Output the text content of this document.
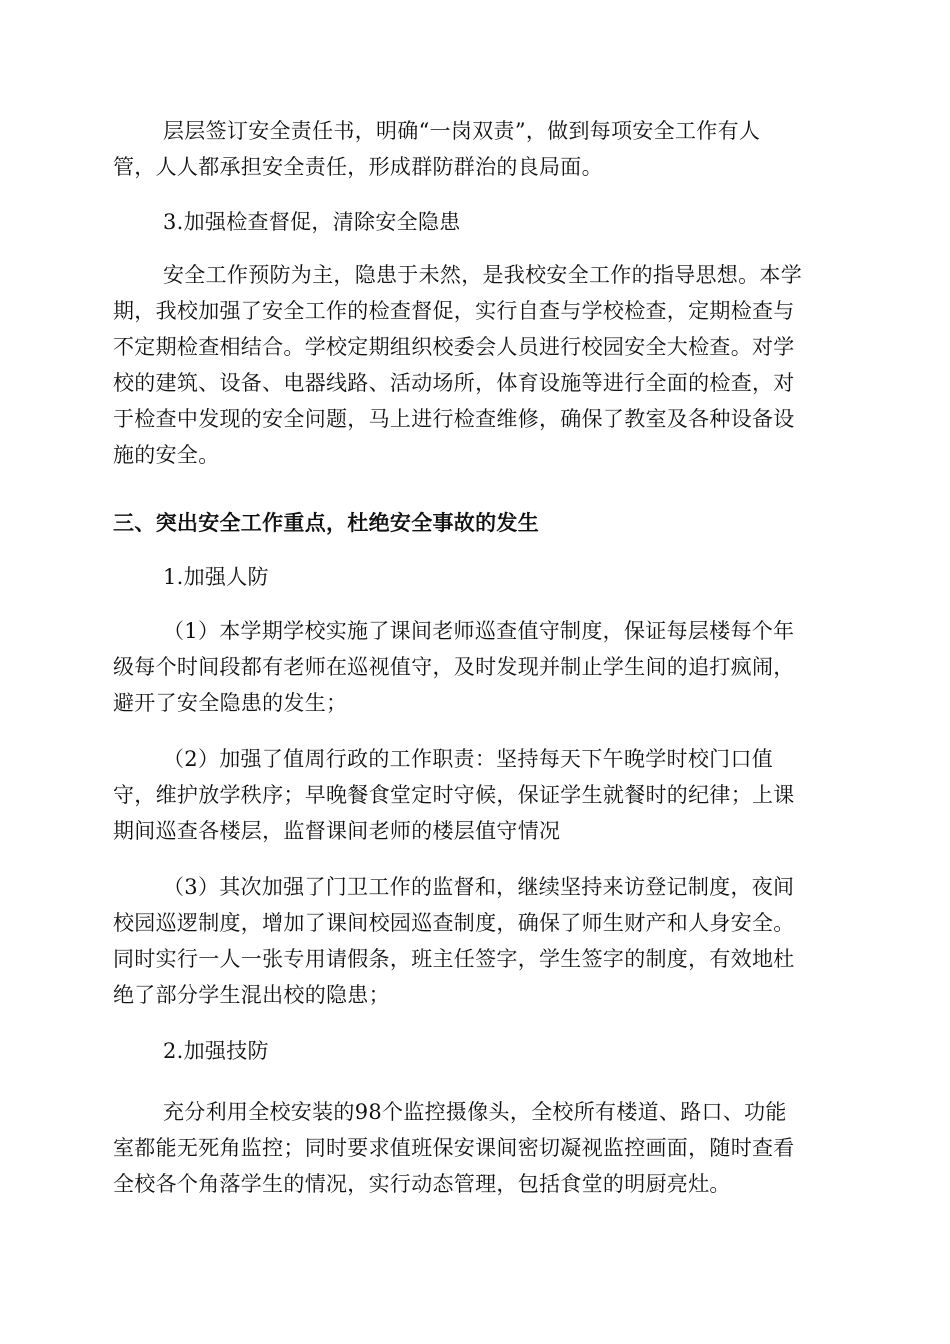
层层签订安全责任书，明确“一岗双责”，做到每项安全工作有人
管，人人都承担安全责任，形成群防群治的良局面。
3.加强检查督促，清除安全隐患
安全工作预防为主，隐患于未然，是我校安全工作的指导思想。本学
期，我校加强了安全工作的检查督促，实行自查与学校检查，定期检查与
不定期检查相结合。学校定期组织校委会人员进行校园安全大检查。对学
校的建筑、设备、电器线路、活动场所，体育设施等进行全面的检查，对
于检查中发现的安全问题，马上进行检查维修，确保了教室及各种设备设
施的安全。
三、突出安全工作重点，杜绝安全事故的发生
1.加强人防
（1）本学期学校实施了课间老师巡查值守制度，保证每层楼每个年
级每个时间段都有老师在巡视值守，及时发现并制止学生间的追打疯闹，
避开了安全隐患的发生；
（2）加强了值周行政的工作职责：坚持每天下午晚学时校门口值
守，维护放学秩序；早晚餐食堂定时守候，保证学生就餐时的纪律；上课
期间巡查各楼层，监督课间老师的楼层值守情况
（3）其次加强了门卫工作的监督和，继续坚持来访登记制度，夜间
校园巡逻制度，增加了课间校园巡查制度，确保了师生财产和人身安全。
同时实行一人一张专用请假条，班主任签字，学生签字的制度，有效地杜
绝了部分学生混出校的隐患；
2.加强技防
充分利用全校安装的98个监控摄像头，全校所有楼道、路口、功能
室都能无死角监控；同时要求值班保安课间密切凝视监控画面，随时查看
全校各个角落学生的情况，实行动态管理，包括食堂的明厨亮灶。
